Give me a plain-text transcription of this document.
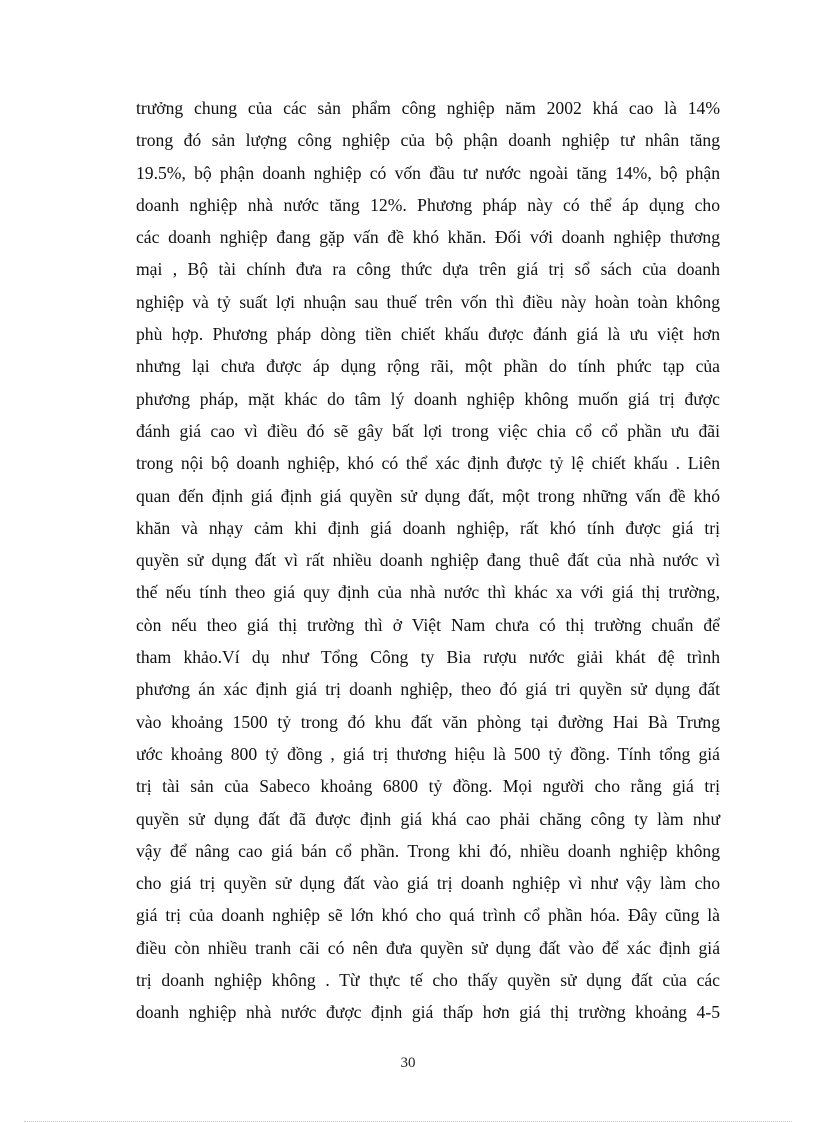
trưởng chung của các sản phẩm công nghiệp năm 2002 khá cao là 14%
trong đó sản lượng công nghiệp của bộ phận doanh nghiệp tư nhân tăng
19.5%, bộ phận doanh nghiệp có vốn đầu tư nước ngoài tăng 14%, bộ phận
doanh nghiệp nhà nước tăng 12%. Phương pháp này có thể áp dụng cho
các doanh nghiệp đang gặp vấn đề khó khăn. Đối với doanh nghiệp thương
mại , Bộ tài chính đưa ra công thức dựa trên giá trị sổ sách của doanh
nghiệp và tỷ suất lợi nhuận sau thuế trên vốn thì điều này hoàn toàn không
phù hợp. Phương pháp dòng tiền chiết khấu được đánh giá là ưu việt hơn
nhưng lại chưa được áp dụng rộng rãi, một phần do tính phức tạp của
phương pháp, mặt khác do tâm lý doanh nghiệp không muốn giá trị được
đánh giá cao vì điều đó sẽ gây bất lợi trong việc chia cổ cổ phần ưu đãi
trong nội bộ doanh nghiệp, khó có thể xác định được tỷ lệ chiết khấu . Liên
quan đến định giá định giá quyền sử dụng đất, một trong những vấn đề khó
khăn và nhạy cảm khi định giá doanh nghiệp, rất khó tính được giá trị
quyền sử dụng đất vì rất nhiều doanh nghiệp đang thuê đất của nhà nước vì
thế nếu tính theo giá quy định của nhà nước thì khác xa với giá thị trường,
còn nếu theo giá thị trường thì ở Việt Nam chưa có thị trường chuẩn để
tham khảo.Ví dụ như Tổng Công ty Bia rượu nước giải khát đệ trình
phương án xác định giá trị doanh nghiệp, theo đó giá tri quyền sử dụng đất
vào khoảng 1500 tỷ trong đó khu đất văn phòng tại đường Hai Bà Trưng
ước khoảng 800 tỷ đồng , giá trị thương hiệu là 500 tỷ đồng. Tính tổng giá
trị tài sản của Sabeco khoảng 6800 tỷ đồng. Mọi người cho rằng giá trị
quyền sử dụng đất đã được định giá khá cao phải chăng công ty làm như
vậy để nâng cao giá bán cổ phần. Trong khi đó, nhiều doanh nghiệp không
cho giá trị quyền sử dụng đất vào giá trị doanh nghiệp vì như vậy làm cho
giá trị của doanh nghiệp sẽ lớn khó cho quá trình cổ phần hóa. Đây cũng là
điều còn nhiều tranh cãi có nên đưa quyền sử dụng đất vào để xác định giá
trị doanh nghiệp không . Từ thực tế cho thấy quyền sử dụng đất của các
doanh nghiệp nhà nước được định giá thấp hơn giá thị trường khoảng 4-5
30
